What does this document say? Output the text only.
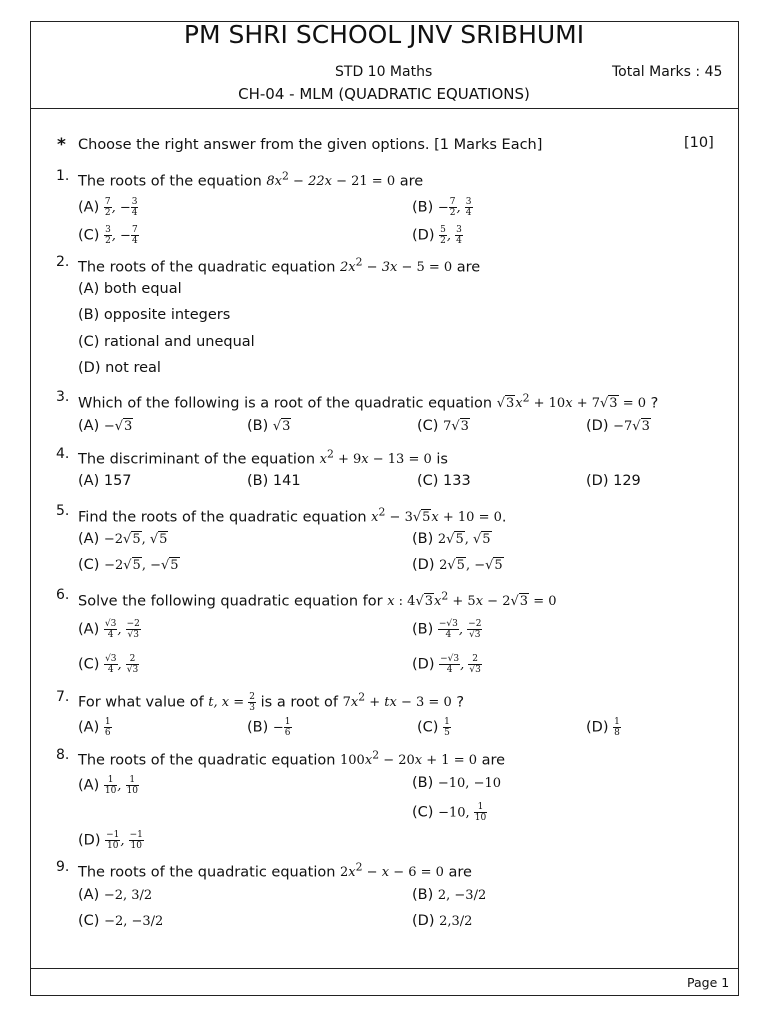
PM SHRI SCHOOL JNV SRIBHUMI
STD 10 Maths	Total Marks : 45
CH-04 - MLM (QUADRATIC EQUATIONS)
* Choose the right answer from the given options. [1 Marks Each]	[10]
1. The roots of the equation $8x^2 - 22x - 21 = 0$ are
$(A) \frac{7}{2}$ , − $\frac{3}{4}$	$(B) - \frac{7}{2}$ , $\frac{3}{4}$
$(C) \frac{3}{2}$ , − $\frac{7}{4}$	$(D) \frac{5}{2}$ , $\frac{3}{4}$
2. The roots of the quadratic equation $2x^2 - 3x - 5 = 0$ are
(A) both equal
(B) opposite integers
(C) rational and unequal
(D) not real
3. Which of the following is a root of the quadratic equation $√3x^2 + 10x + 7√3 = 0$ ?
(A) −√3	(B) √3	(C) 7√3	(D) −7√3
4. The discriminant of the equation $x^2 + 9x - 13 = 0$ is
(A) 157	(B) 141	(C) 133	(D) 129
5. Find the roots of the quadratic equation $x^2 - 3√5x + 10 = 0$.
(A) −2√5, √5	(B) 2√5, √5
(C) −2√5, −√5	(D) 2√5, −√5
6. Solve the following quadratic equation for x : $4√3x^2 + 5x - 2√3 = 0$
$(A) \frac{√3}{4}$ , $\frac{-2}{√3}$	$(B) \frac{-√3}{4}$ , $\frac{-2}{√3}$
$(C) \frac{√3}{4}$ , $\frac{2}{√3}$	$(D) \frac{-√3}{4}$ , $\frac{2}{√3}$
7. For what value of t, $x = \frac{2}{3}$ is a root of $7x^2$ + tx − 3 = 0 ?
$(A) \frac{1}{6}$	$(B) - \frac{1}{6}$	$(C) \frac{1}{5}$	$(D) \frac{1}{8}$
8. The roots of the quadratic equation $100x^2 - 20x + 1 = 0$ are
$(A) \frac{1}{10}$ , $\frac{1}{10}$	(B) −10, −10
(C) −10, $\frac{1}{10}$
$(D) \frac{-1}{10}$ , $\frac{-1}{10}$
9. The roots of the quadratic equation $2x^2 - x - 6 = 0$ are
(A) −2, 3/2	(B) 2, −3/2
(C) −2, −3/2	(D) 2,3/2
Page 1
